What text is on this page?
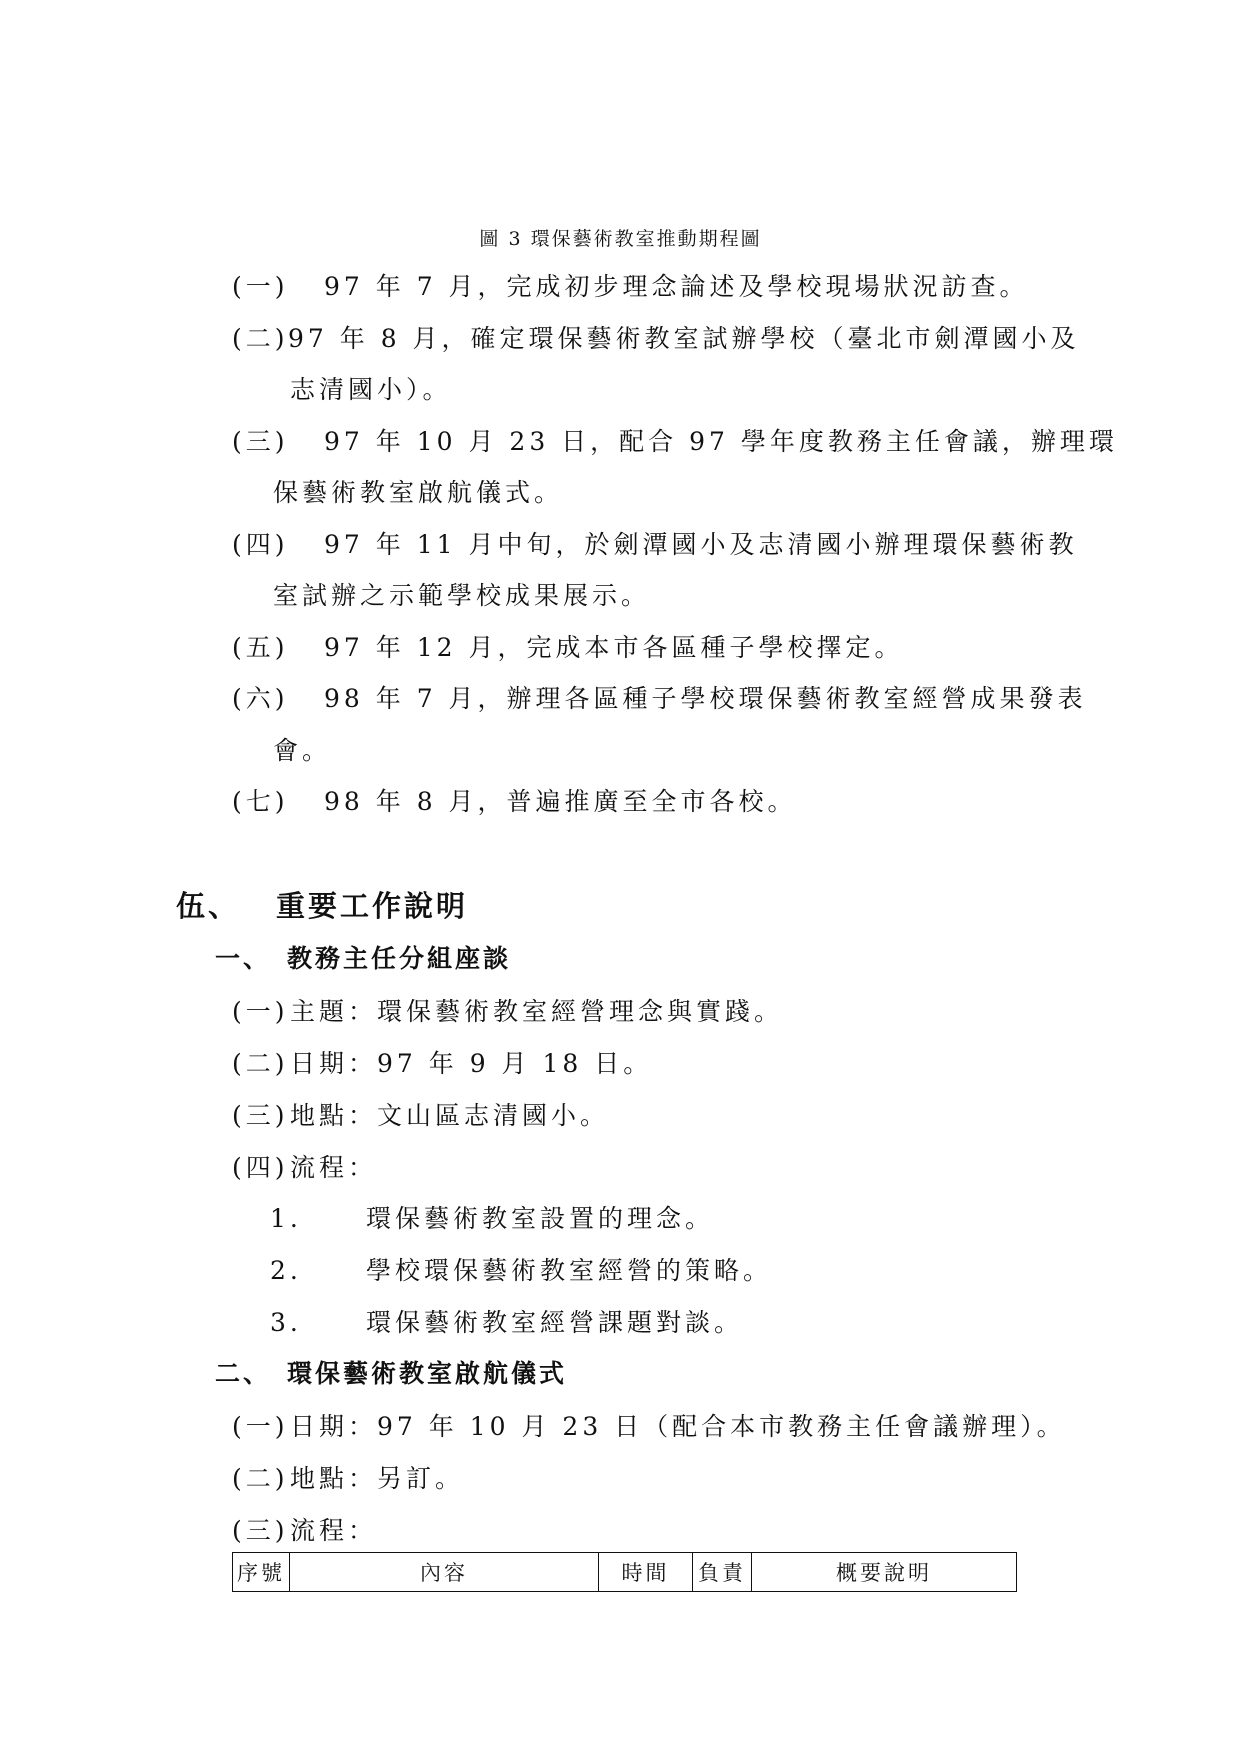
圖 3 環保藝術教室推動期程圖
(一) 97 年 7 月，完成初步理念論述及學校現場狀況訪查。
(二)97 年 8 月，確定環保藝術教室試辦學校（臺北市劍潭國小及
志清國小）。
(三) 97 年 10 月 23 日，配合 97 學年度教務主任會議，辦理環
保藝術教室啟航儀式。
(四) 97 年 11 月中旬，於劍潭國小及志清國小辦理環保藝術教
室試辦之示範學校成果展示。
(五) 97 年 12 月，完成本市各區種子學校擇定。
(六) 98 年 7 月，辦理各區種子學校環保藝術教室經營成果發表
會。
(七) 98 年 8 月，普遍推廣至全市各校。
伍、 重要工作說明
一、 教務主任分組座談
(一)主題：環保藝術教室經營理念與實踐。
(二)日期：97 年 9 月 18 日。
(三)地點：文山區志清國小。
(四)流程：
1.	環保藝術教室設置的理念。
2.	學校環保藝術教室經營的策略。
3.	環保藝術教室經營課題對談。
二、 環保藝術教室啟航儀式
(一)日期：97 年 10 月 23 日（配合本市教務主任會議辦理）。
(二)地點：另訂。
(三)流程：
序號	內容	時間	負責	概要說明
